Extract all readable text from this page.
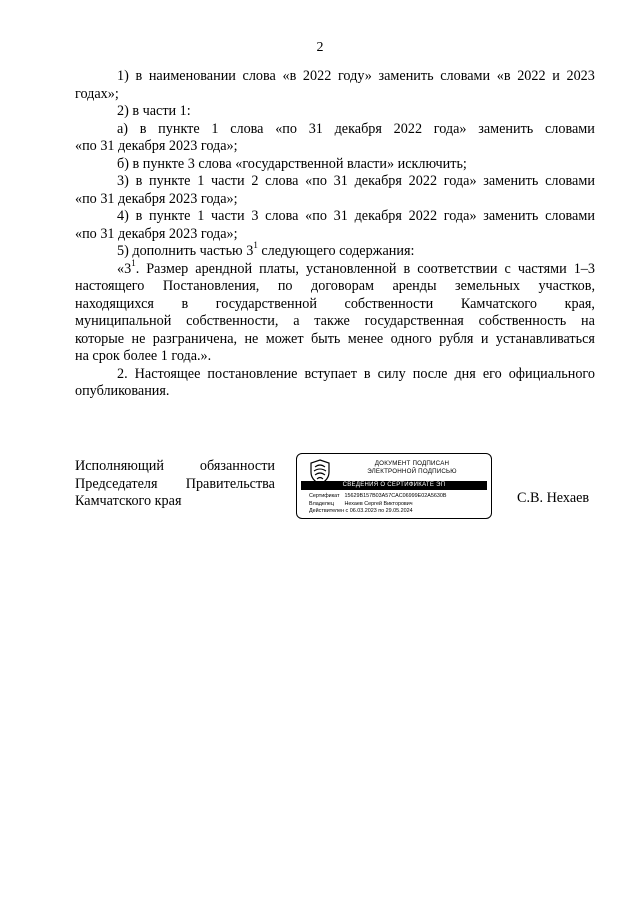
2
1) в наименовании слова «в 2022 году» заменить словами «в 2022 и 2023
годах»;
2) в части 1:
а) в пункте 1 слова «по 31 декабря 2022 года» заменить словами
«по 31 декабря 2023 года»;
б) в пункте 3 слова «государственной власти» исключить;
3) в пункте 1 части 2 слова «по 31 декабря 2022 года» заменить словами
«по 31 декабря 2023 года»;
4) в пункте 1 части 3 слова «по 31 декабря 2022 года» заменить словами
«по 31 декабря 2023 года»;
5) дополнить частью $3^1$ следующего содержания:
«$3^1$. Размер арендной платы, установленной в соответствии с частями 1–3
настоящего Постановления, по договорам аренды земельных участков,
находящихся в государственной собственности Камчатского края,
муниципальной собственности, а также государственная собственность на
которые не разграничена, не может быть менее одного рубля и устанавливаться
на срок более 1 года.».
2. Настоящее постановление вступает в силу после дня его официального
опубликования.
Исполняющий	обязанности
Председателя Правительства
Камчатского края
ДОКУМЕНТ ПОДПИСАН
ЭЛЕКТРОННОЙ ПОДПИСЬЮ
СВЕДЕНИЯ О СЕРТИФИКАТЕ ЭП
Сертификат 15629B157B03A57CAC06999E02A5630B
Владелец Нехаев Сергей Викторович
Действителен с 06.03.2023 по 29.05.2024
С.В. Нехаев
